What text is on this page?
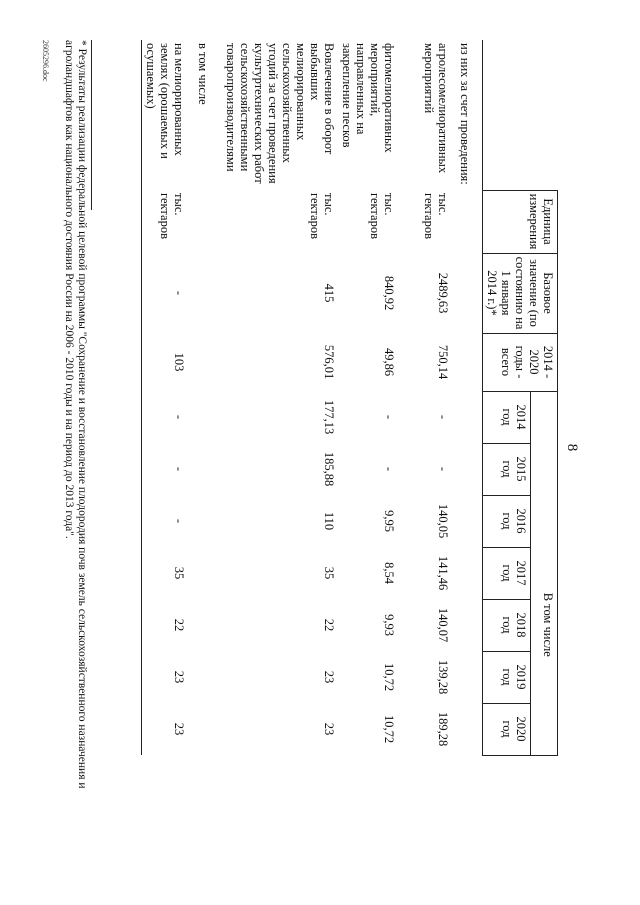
8
	Единица измерения	Базовое значение (по состоянию на 1 января 2014 г.)*	2014 - 2020 годы - всего			В том числе				
				2014 год	2015 год	2016 год	2017 год	2018 год	2019 год	2020 год
из них за счет проведения:										
агролесомелиоративных мероприятий	тыс. гектаров	2489,63	750,14	-	-	140,05	141,46	140,07	139,28	189,28
фитомелиоративных мероприятий, направленных на закрепление песков	тыс. гектаров	840,92	49,86	-	-	9,95	8,54	9,93	10,72	10,72
Вовлечение в оборот выбывших мелиорированных сельскохозяйственных угодий за счет проведения культуртехнических работ сельскохозяйственными товаропроизводителями	тыс. гектаров	415	576,01	177,13	185,88	110	35	22	23	23
в том числе										
на мелиорированных землях (орошаемых и осушаемых)	тыс. гектаров	-	103	-	-	-	35	22	23	23
* Результаты реализации федеральной целевой программы "Сохранение и восстановление плодородия почв земель сельскохозяйственного назначения и агроландшафтов как национального достояния России на 2006 - 2010 годы и на период до 2013 года".
2605296.doc
